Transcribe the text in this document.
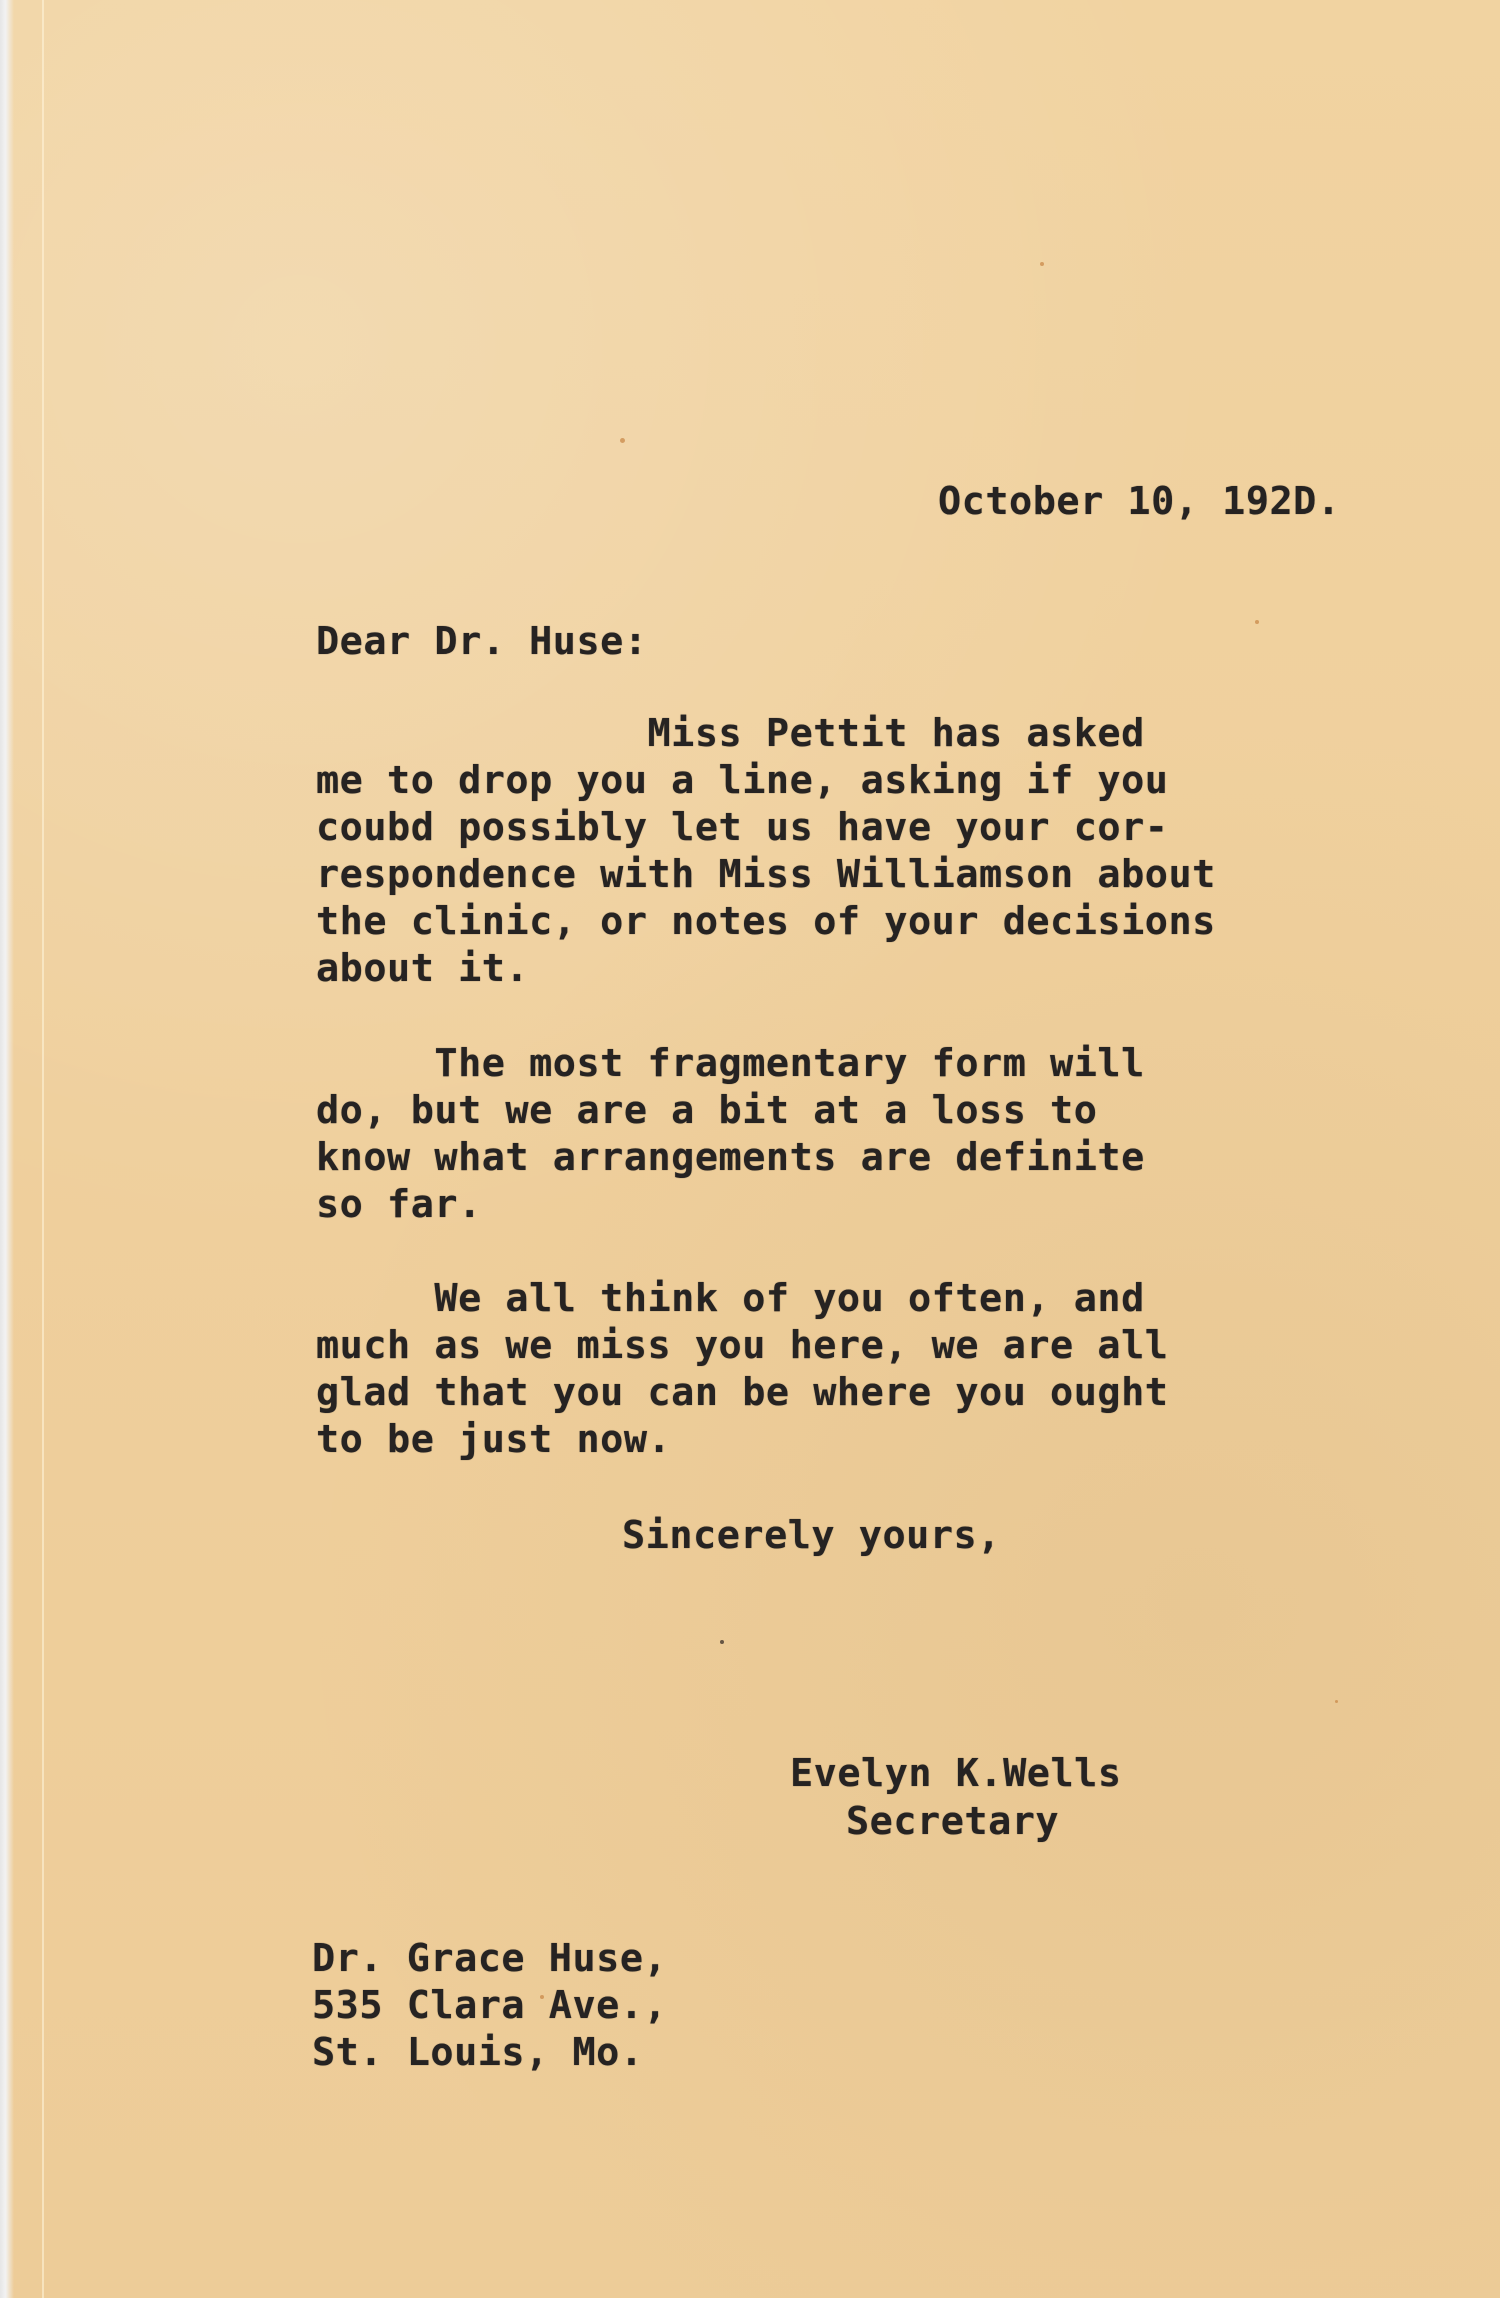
October 10, 192D.
Dear Dr. Huse:
Miss Pettit has asked
me to drop you a line, asking if you
coubd possibly let us have your cor-
respondence with Miss Williamson about
the clinic, or notes of your decisions
about it.
The most fragmentary form will
do, but we are a bit at a loss to
know what arrangements are definite
so far.
We all think of you often, and
much as we miss you here, we are all
glad that you can be where you ought
to be just now.
Sincerely yours,
Evelyn K.Wells
Secretary
Dr. Grace Huse,
535 Clara Ave.,
St. Louis, Mo.
